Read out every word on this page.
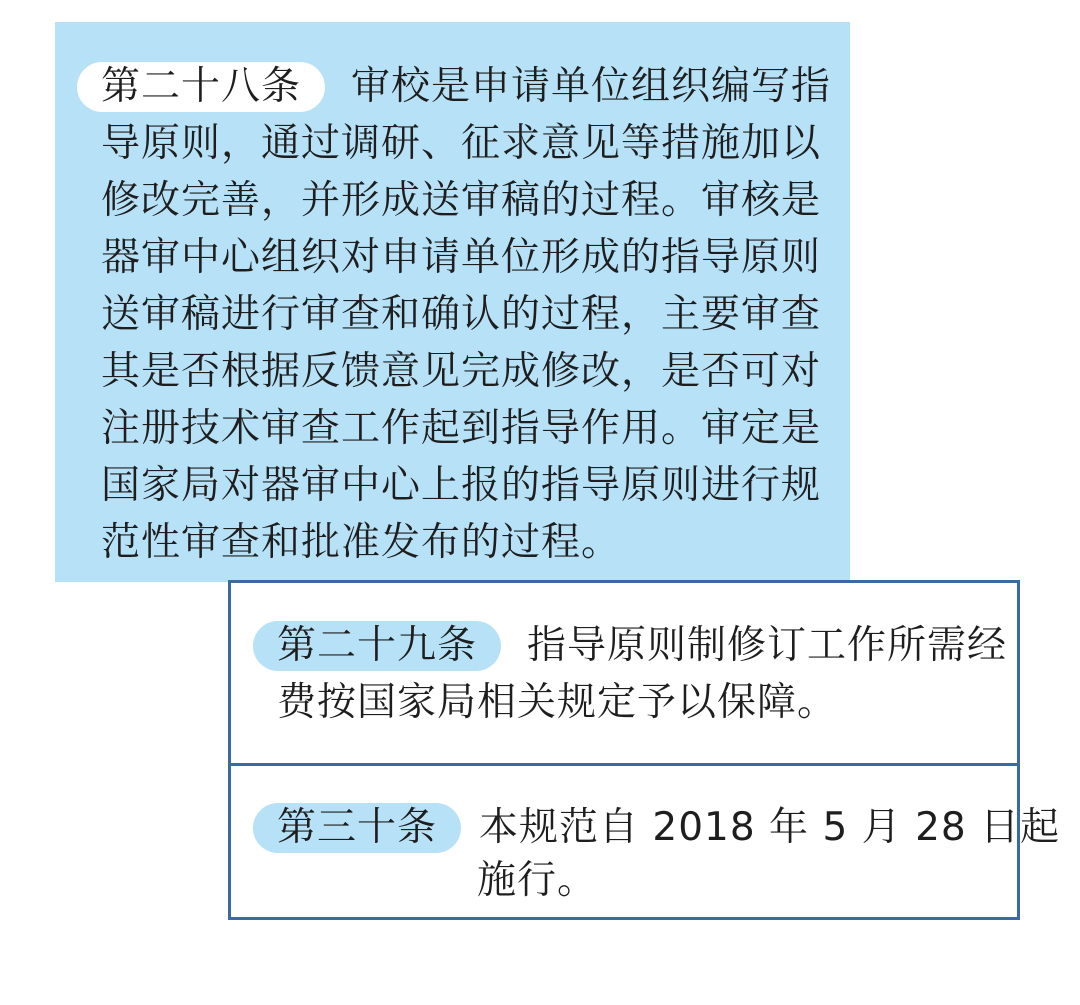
第二十八条 审校是申请单位组织编写指
导原则，通过调研、征求意见等措施加以
修改完善，并形成送审稿的过程。审核是
器审中心组织对申请单位形成的指导原则
送审稿进行审查和确认的过程，主要审查
其是否根据反馈意见完成修改，是否可对
注册技术审查工作起到指导作用。审定是
国家局对器审中心上报的指导原则进行规
范性审查和批准发布的过程。
第二十九条 指导原则制修订工作所需经
费按国家局相关规定予以保障。
第三十条 本规范自 2018 年 5 月 28 日起
施行。
